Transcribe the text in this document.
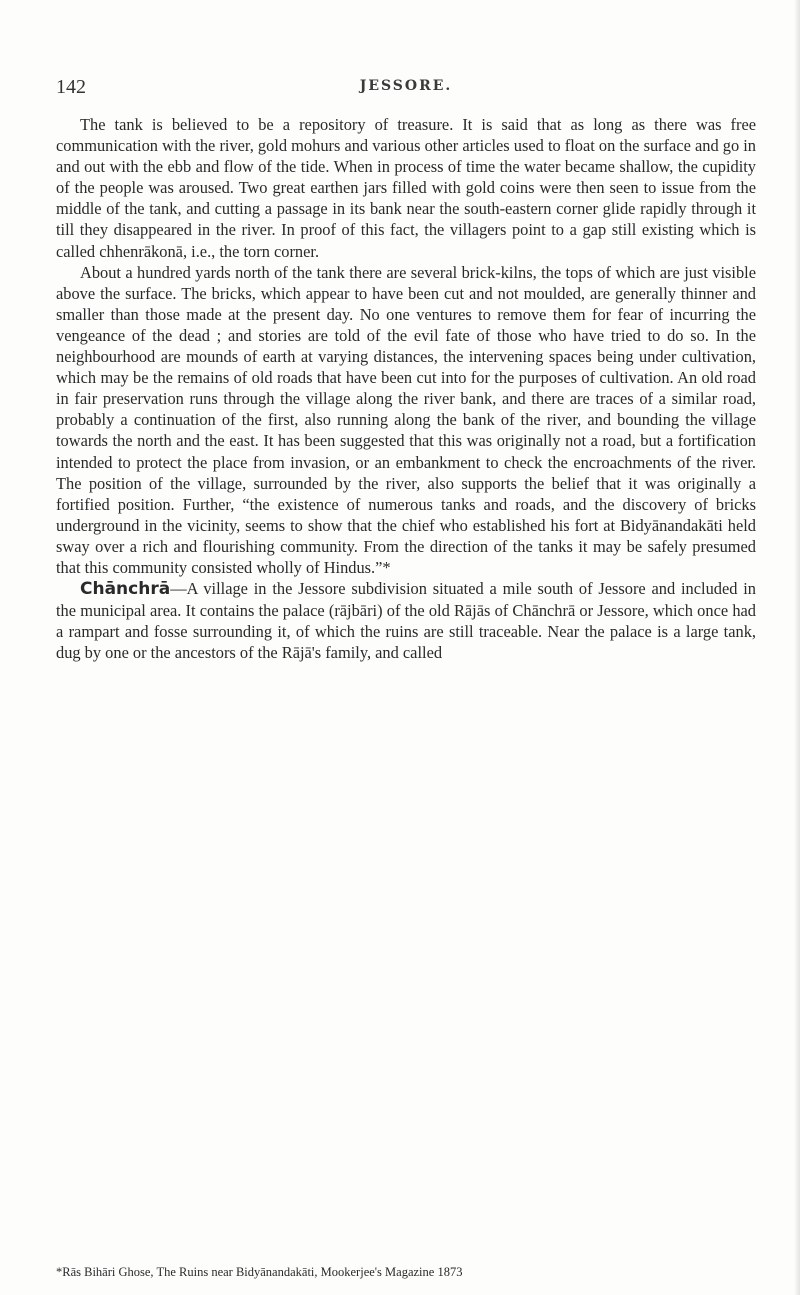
142	JESSORE.

The tank is believed to be a repository of treasure. It is said that as long as there was free communication with the river, gold mohurs and various other articles used to float on the surface and go in and out with the ebb and flow of the tide. When in process of time the water became shallow, the cupidity of the people was aroused. Two great earthen jars filled with gold coins were then seen to issue from the middle of the tank, and cutting a passage in its bank near the south-eastern corner glide rapidly through it till they disappeared in the river. In proof of this fact, the villagers point to a gap still existing which is called chhenrākonā, i.e., the torn corner.

About a hundred yards north of the tank there are several brick-kilns, the tops of which are just visible above the surface. The bricks, which appear to have been cut and not moulded, are generally thinner and smaller than those made at the present day. No one ventures to remove them for fear of incurring the vengeance of the dead ; and stories are told of the evil fate of those who have tried to do so. In the neighbourhood are mounds of earth at varying distances, the intervening spaces being under cultivation, which may be the remains of old roads that have been cut into for the purposes of cultivation. An old road in fair preservation runs through the village along the river bank, and there are traces of a similar road, probably a continuation of the first, also running along the bank of the river, and bounding the village towards the north and the east. It has been suggested that this was originally not a road, but a fortification intended to protect the place from invasion, or an embankment to check the encroachments of the river. The position of the village, surrounded by the river, also supports the belief that it was originally a fortified position. Further, “the existence of numerous tanks and roads, and the discovery of bricks underground in the vicinity, seems to show that the chief who established his fort at Bidyānandakāti held sway over a rich and flourishing community. From the direction of the tanks it may be safely presumed that this community consisted wholly of Hindus.”*

Chānchrā—A village in the Jessore subdivision situated a mile south of Jessore and included in the municipal area. It contains the palace (rājbāri) of the old Rājās of Chānchrā or Jessore, which once had a rampart and fosse surrounding it, of which the ruins are still traceable. Near the palace is a large tank, dug by one or the ancestors of the Rājā's family, and called

*Rās Bihāri Ghose, The Ruins near Bidyānandakāti, Mookerjee's Magazine 1873
